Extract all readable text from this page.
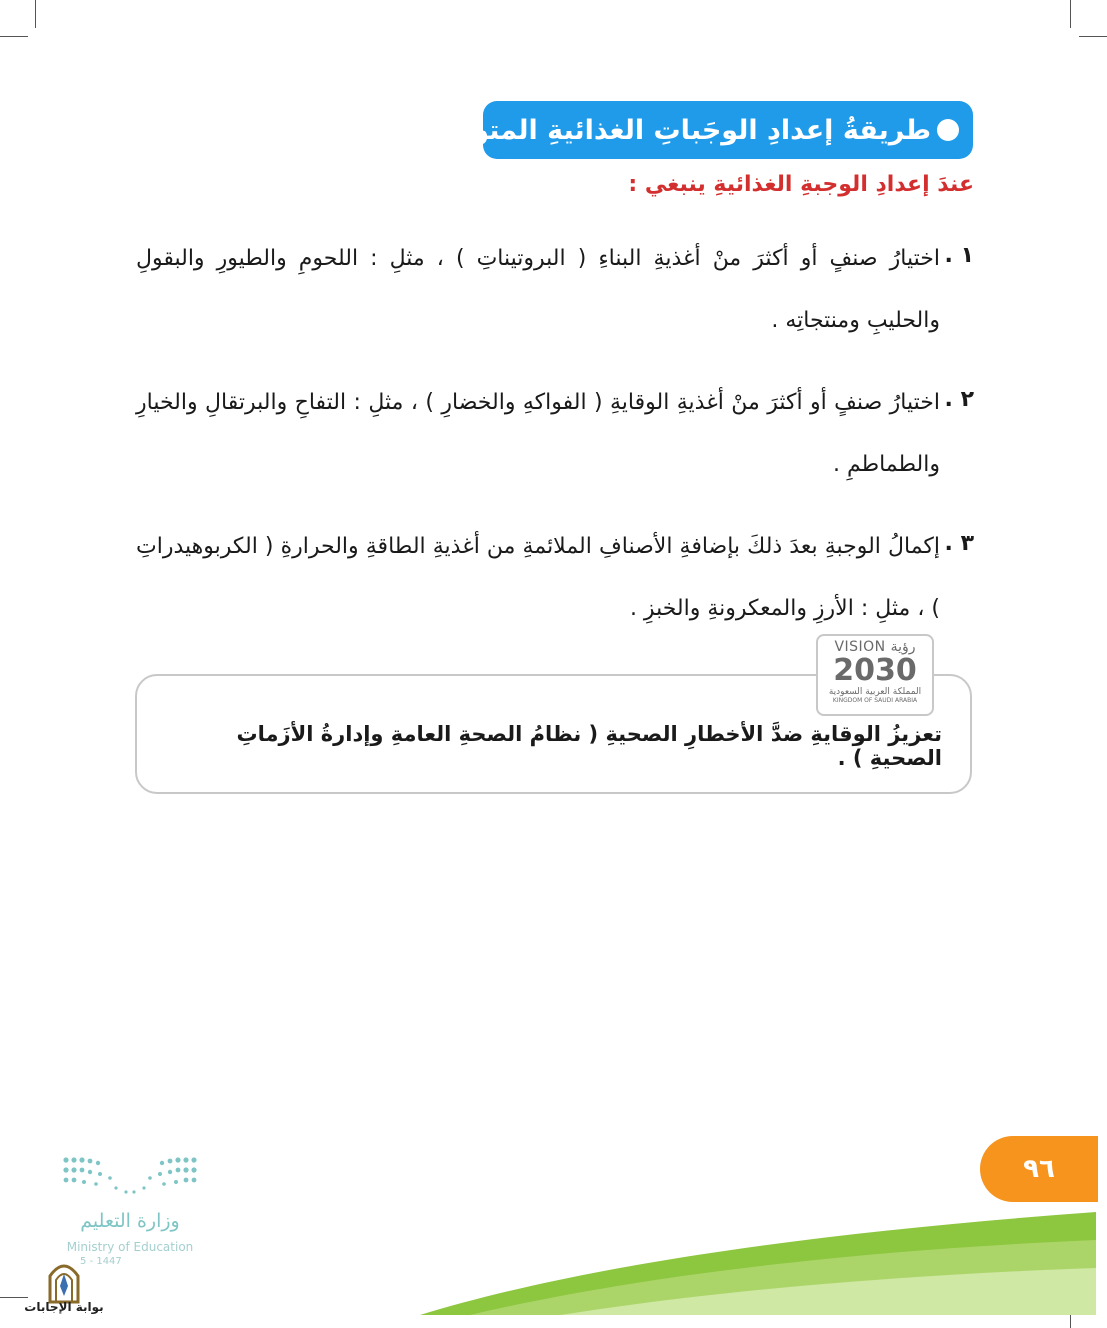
طريقةُ إعدادِ الوجَباتِ الغذائيةِ المتوازنة :
عندَ إعدادِ الوجبةِ الغذائيةِ ينبغي :
١ .
اختيارُ صنفٍ أو أكثرَ منْ أغذيةِ البناءِ ( البروتيناتِ ) ، مثلِ : اللحومِ والطيورِ والبقولِ والحليبِ ومنتجاتِه .
٢ .
اختيارُ صنفٍ أو أكثرَ منْ أغذيةِ الوقايةِ ( الفواكهِ والخضارِ ) ، مثلِ : التفاحِ والبرتقالِ والخيارِ والطماطمِ .
٣ .
إكمالُ الوجبةِ بعدَ ذلكَ بإضافةِ الأصنافِ الملائمةِ من أغذيةِ الطاقةِ والحرارةِ ( الكربوهيدراتِ ) ، مثلِ : الأرزِ والمعكرونةِ والخبزِ .
تعزيزُ الوقايةِ ضدَّ الأخطارِ الصحيةِ ( نظامُ الصحةِ العامةِ وإدارةُ الأزَماتِ الصحيةِ ) .
VISION رؤية
2030
المملكة العربية السعودية
KINGDOM OF SAUDI ARABIA
٩٦
وزارة التعليم
Ministry of Education
5 - 1447
بوابة الإجابات
